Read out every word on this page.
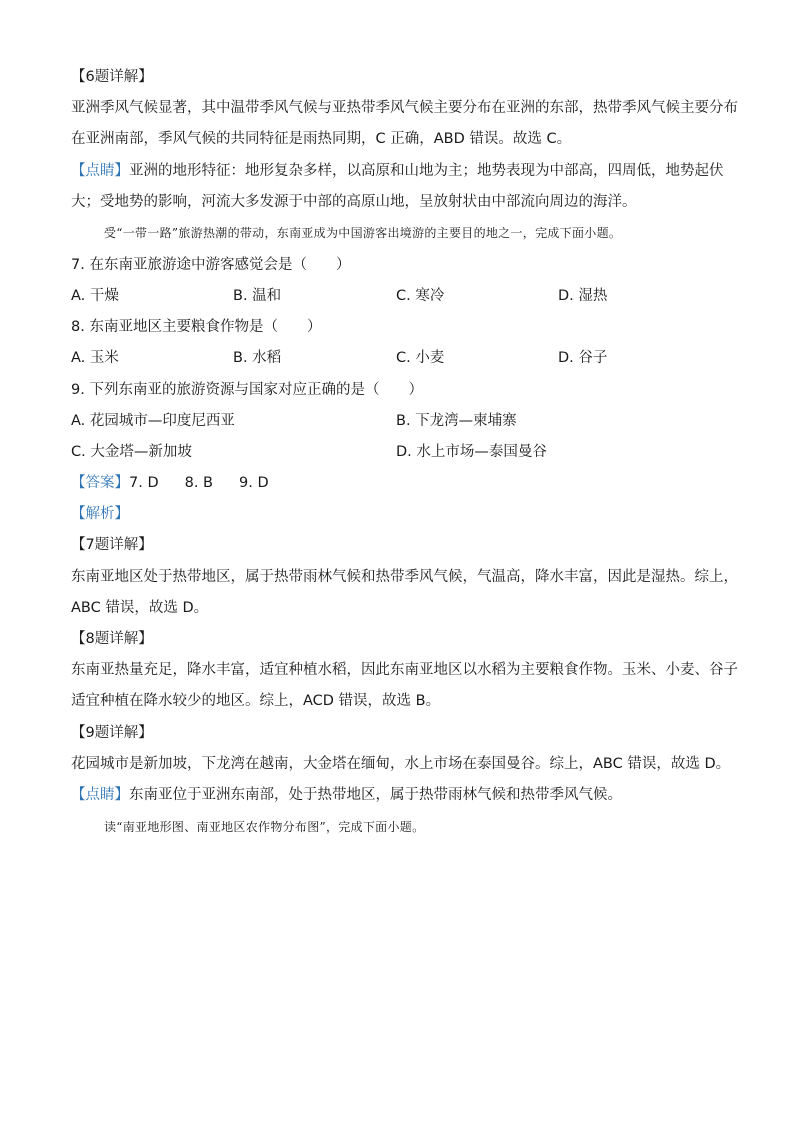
【6题详解】
亚洲季风气候显著，其中温带季风气候与亚热带季风气候主要分布在亚洲的东部，热带季风气候主要分布
在亚洲南部，季风气候的共同特征是雨热同期，C 正确，ABD 错误。故选 C。
【点睛】亚洲的地形特征：地形复杂多样，以高原和山地为主；地势表现为中部高，四周低，地势起伏
大；受地势的影响，河流大多发源于中部的高原山地，呈放射状由中部流向周边的海洋。
受“一带一路”旅游热潮的带动，东南亚成为中国游客出境游的主要目的地之一，完成下面小题。
7. 在东南亚旅游途中游客感觉会是（　　）
A. 干燥	B. 温和	C. 寒冷	D. 湿热
8. 东南亚地区主要粮食作物是（　　）
A. 玉米	B. 水稻	C. 小麦	D. 谷子
9. 下列东南亚的旅游资源与国家对应正确的是（　　）
A. 花园城市—印度尼西亚	B. 下龙湾—柬埔寨
C. 大金塔—新加坡	D. 水上市场—泰国曼谷
【答案】7. D 8. B 9. D
【解析】
【7题详解】
东南亚地区处于热带地区，属于热带雨林气候和热带季风气候，气温高，降水丰富，因此是湿热。综上，
ABC 错误，故选 D。
【8题详解】
东南亚热量充足，降水丰富，适宜种植水稻，因此东南亚地区以水稻为主要粮食作物。玉米、小麦、谷子
适宜种植在降水较少的地区。综上，ACD 错误，故选 B。
【9题详解】
花园城市是新加坡，下龙湾在越南，大金塔在缅甸，水上市场在泰国曼谷。综上，ABC 错误，故选 D。
【点睛】东南亚位于亚洲东南部，处于热带地区，属于热带雨林气候和热带季风气候。
读“南亚地形图、南亚地区农作物分布图”，完成下面小题。
